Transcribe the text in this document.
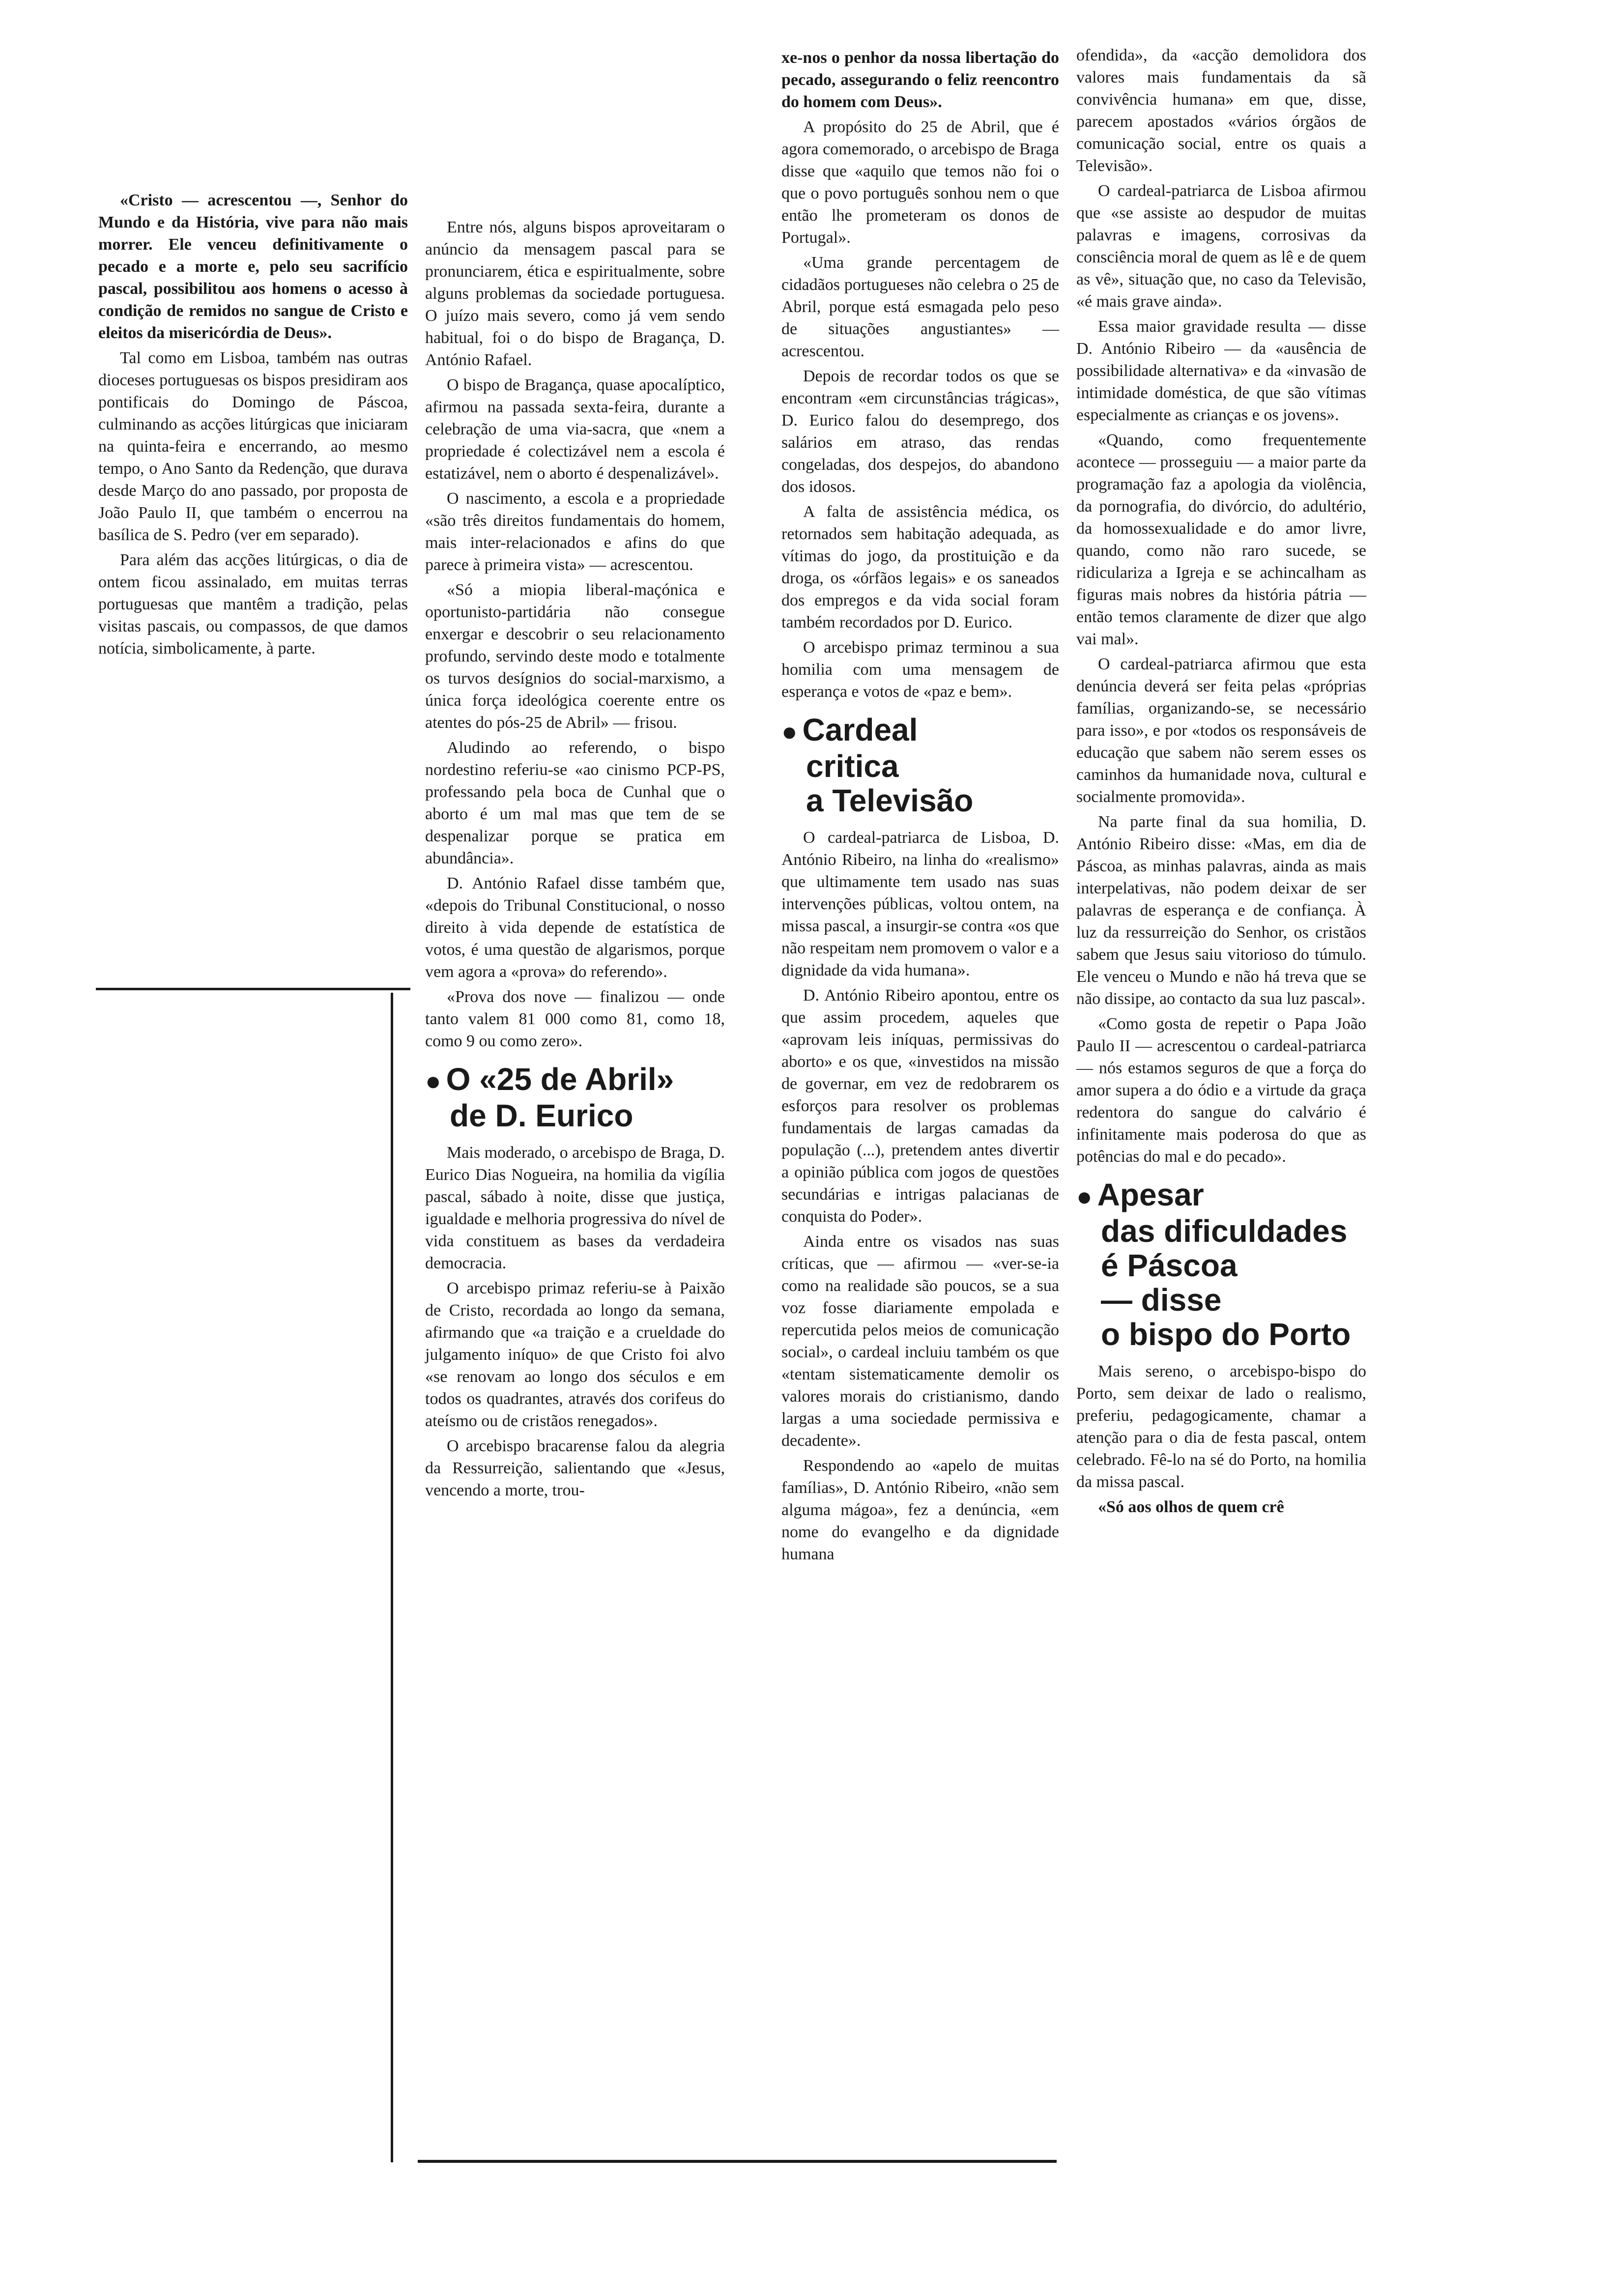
«Cristo — acrescentou —, Senhor do Mundo e da História, vive para não mais morrer. Ele venceu definitivamente o pecado e a morte e, pelo seu sacrifício pascal, possibilitou aos homens o acesso à condição de remidos no sangue de Cristo e eleitos da misericórdia de Deus».

Tal como em Lisboa, também nas outras dioceses portuguesas os bispos presidiram aos pontificais do Domingo de Páscoa, culminando as acções litúrgicas que iniciaram na quinta-feira e encerrando, ao mesmo tempo, o Ano Santo da Redenção, que durava desde Março do ano passado, por proposta de João Paulo II, que também o encerrou na basílica de S. Pedro (ver em separado).

Para além das acções litúrgicas, o dia de ontem ficou assinalado, em muitas terras portuguesas que mantêm a tradição, pelas visitas pascais, ou compassos, de que damos notícia, simbolicamente, à parte.

Entre nós, alguns bispos aproveitaram o anúncio da mensagem pascal para se pronunciarem, ética e espiritualmente, sobre alguns problemas da sociedade portuguesa. O juízo mais severo, como já vem sendo habitual, foi o do bispo de Bragança, D. António Rafael.

O bispo de Bragança, quase apocalíptico, afirmou na passada sexta-feira, durante a celebração de uma via-sacra, que «nem a propriedade é colectizável nem a escola é estatizável, nem o aborto é despenalizável».

O nascimento, a escola e a propriedade «são três direitos fundamentais do homem, mais inter-relacionados e afins do que parece à primeira vista» — acrescentou.

«Só a miopia liberal-maçónica e oportunisto-partidária não consegue enxergar e descobrir o seu relacionamento profundo, servindo deste modo e totalmente os turvos desígnios do social-marxismo, a única força ideológica coerente entre os atentes do pós-25 de Abril» — frisou.

Aludindo ao referendo, o bispo nordestino referiu-se «ao cinismo PCP-PS, professando pela boca de Cunhal que o aborto é um mal mas que tem de se despenalizar porque se pratica em abundância».

D. António Rafael disse também que, «depois do Tribunal Constitucional, o nosso direito à vida depende de estatística de votos, é uma questão de algarismos, porque vem agora a «prova» do referendo».

«Prova dos nove — finalizou — onde tanto valem 81 000 como 81, como 18, como 9 ou como zero».

● O «25 de Abril»
de D. Eurico

Mais moderado, o arcebispo de Braga, D. Eurico Dias Nogueira, na homilia da vigília pascal, sábado à noite, disse que justiça, igualdade e melhoria progressiva do nível de vida constituem as bases da verdadeira democracia.

O arcebispo primaz referiu-se à Paixão de Cristo, recordada ao longo da semana, afirmando que «a traição e a crueldade do julgamento iníquo» de que Cristo foi alvo «se renovam ao longo dos séculos e em todos os quadrantes, através dos corifeus do ateísmo ou de cristãos renegados».

O arcebispo bracarense falou da alegria da Ressurreição, salientando que «Jesus, vencendo a morte, trou-

xe-nos o penhor da nossa libertação do pecado, assegurando o feliz reencontro do homem com Deus».

A propósito do 25 de Abril, que é agora comemorado, o arcebispo de Braga disse que «aquilo que temos não foi o que o povo português sonhou nem o que então lhe prometeram os donos de Portugal».

«Uma grande percentagem de cidadãos portugueses não celebra o 25 de Abril, porque está esmagada pelo peso de situações angustiantes» — acrescentou.

Depois de recordar todos os que se encontram «em circunstâncias trágicas», D. Eurico falou do desemprego, dos salários em atraso, das rendas congeladas, dos despejos, do abandono dos idosos.

A falta de assistência médica, os retornados sem habitação adequada, as vítimas do jogo, da prostituição e da droga, os «órfãos legais» e os saneados dos empregos e da vida social foram também recordados por D. Eurico.

O arcebispo primaz terminou a sua homilia com uma mensagem de esperança e votos de «paz e bem».

● Cardeal
critica
a Televisão

O cardeal-patriarca de Lisboa, D. António Ribeiro, na linha do «realismo» que ultimamente tem usado nas suas intervenções públicas, voltou ontem, na missa pascal, a insurgir-se contra «os que não respeitam nem promovem o valor e a dignidade da vida humana».

D. António Ribeiro apontou, entre os que assim procedem, aqueles que «aprovam leis iníquas, permissivas do aborto» e os que, «investidos na missão de governar, em vez de redobrarem os esforços para resolver os problemas fundamentais de largas camadas da população (...), pretendem antes divertir a opinião pública com jogos de questões secundárias e intrigas palacianas de conquista do Poder».

Ainda entre os visados nas suas críticas, que — afirmou — «ver-se-ia como na realidade são poucos, se a sua voz fosse diariamente empolada e repercutida pelos meios de comunicação social», o cardeal incluiu também os que «tentam sistematicamente demolir os valores morais do cristianismo, dando largas a uma sociedade permissiva e decadente».

Respondendo ao «apelo de muitas famílias», D. António Ribeiro, «não sem alguma mágoa», fez a denúncia, «em nome do evangelho e da dignidade humana

ofendida», da «acção demolidora dos valores mais fundamentais da sã convivência humana» em que, disse, parecem apostados «vários órgãos de comunicação social, entre os quais a Televisão».

O cardeal-patriarca de Lisboa afirmou que «se assiste ao despudor de muitas palavras e imagens, corrosivas da consciência moral de quem as lê e de quem as vê», situação que, no caso da Televisão, «é mais grave ainda».

Essa maior gravidade resulta — disse D. António Ribeiro — da «ausência de possibilidade alternativa» e da «invasão de intimidade doméstica, de que são vítimas especialmente as crianças e os jovens».

«Quando, como frequentemente acontece — prosseguiu — a maior parte da programação faz a apologia da violência, da pornografia, do divórcio, do adultério, da homossexualidade e do amor livre, quando, como não raro sucede, se ridiculariza a Igreja e se achincalham as figuras mais nobres da história pátria — então temos claramente de dizer que algo vai mal».

O cardeal-patriarca afirmou que esta denúncia deverá ser feita pelas «próprias famílias, organizando-se, se necessário para isso», e por «todos os responsáveis de educação que sabem não serem esses os caminhos da humanidade nova, cultural e socialmente promovida».

Na parte final da sua homilia, D. António Ribeiro disse: «Mas, em dia de Páscoa, as minhas palavras, ainda as mais interpelativas, não podem deixar de ser palavras de esperança e de confiança. À luz da ressurreição do Senhor, os cristãos sabem que Jesus saiu vitorioso do túmulo. Ele venceu o Mundo e não há treva que se não dissipe, ao contacto da sua luz pascal».

«Como gosta de repetir o Papa João Paulo II — acrescentou o cardeal-patriarca — nós estamos seguros de que a força do amor supera a do ódio e a virtude da graça redentora do sangue do calvário é infinitamente mais poderosa do que as potências do mal e do pecado».

● Apesar
das dificuldades
é Páscoa
— disse
o bispo do Porto

Mais sereno, o arcebispo-bispo do Porto, sem deixar de lado o realismo, preferiu, pedagogicamente, chamar a atenção para o dia de festa pascal, ontem celebrado. Fê-lo na sé do Porto, na homilia da missa pascal.

«Só aos olhos de quem crê
